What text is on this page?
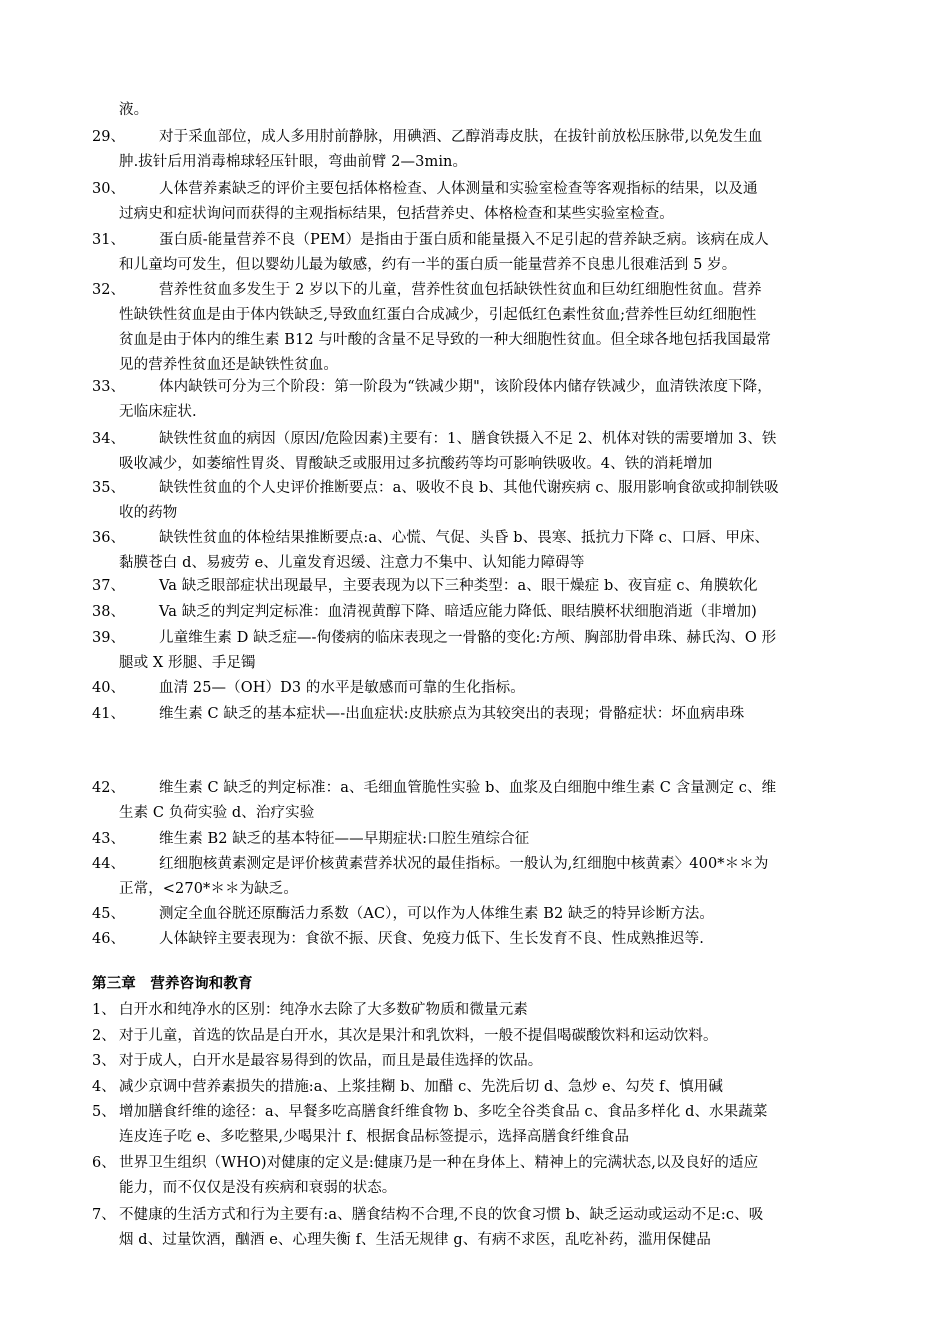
液。
29、 对于采血部位，成人多用肘前静脉，用碘酒、乙醇消毒皮肤，在拔针前放松压脉带,以免发生血
肿.拔针后用消毒棉球轻压针眼，弯曲前臂 2—3min。
30、 人体营养素缺乏的评价主要包括体格检查、人体测量和实验室检查等客观指标的结果，以及通
过病史和症状询问而获得的主观指标结果，包括营养史、体格检查和某些实验室检查。
31、 蛋白质-能量营养不良（PEM）是指由于蛋白质和能量摄入不足引起的营养缺乏病。该病在成人
和儿童均可发生，但以婴幼儿最为敏感，约有一半的蛋白质一能量营养不良患儿很难活到 5 岁。
32、 营养性贫血多发生于 2 岁以下的儿童，营养性贫血包括缺铁性贫血和巨幼红细胞性贫血。营养
性缺铁性贫血是由于体内铁缺乏,导致血红蛋白合成减少，引起低红色素性贫血;营养性巨幼红细胞性
贫血是由于体内的维生素 B12 与叶酸的含量不足导致的一种大细胞性贫血。但全球各地包括我国最常
见的营养性贫血还是缺铁性贫血。
33、 体内缺铁可分为三个阶段：第一阶段为“铁减少期"，该阶段体内储存铁减少，血清铁浓度下降，
无临床症状.
34、 缺铁性贫血的病因（原因/危险因素)主要有：1、膳食铁摄入不足 2、机体对铁的需要增加 3、铁
吸收减少，如萎缩性胃炎、胃酸缺乏或服用过多抗酸药等均可影响铁吸收。4、铁的消耗增加
35、 缺铁性贫血的个人史评价推断要点：a、吸收不良 b、其他代谢疾病 c、服用影响食欲或抑制铁吸
收的药物
36、 缺铁性贫血的体检结果推断要点:a、心慌、气促、头昏 b、畏寒、抵抗力下降 c、口唇、甲床、
黏膜苍白 d、易疲劳 e、儿童发育迟缓、注意力不集中、认知能力障碍等
37、 Va 缺乏眼部症状出现最早，主要表现为以下三种类型：a、眼干燥症 b、夜盲症 c、角膜软化
38、 Va 缺乏的判定判定标准：血清视黄醇下降、暗适应能力降低、眼结膜杯状细胞消逝（非增加)
39、 儿童维生素 D 缺乏症—-佝偻病的临床表现之一骨骼的变化:方颅、胸部肋骨串珠、赫氏沟、O 形
腿或 X 形腿、手足镯
40、 血清 25—（OH）D3 的水平是敏感而可靠的生化指标。
41、 维生素 C 缺乏的基本症状—-出血症状:皮肤瘀点为其较突出的表现；骨骼症状：坏血病串珠
42、 维生素 C 缺乏的判定标准：a、毛细血管脆性实验 b、血浆及白细胞中维生素 C 含量测定 c、维
生素 C 负荷实验 d、治疗实验
43、 维生素 B2 缺乏的基本特征——早期症状:口腔生殖综合征
44、 红细胞核黄素测定是评价核黄素营养状况的最佳指标。一般认为,红细胞中核黄素〉400*＊＊为
正常，<270*＊＊为缺乏。
45、 测定全血谷胱还原酶活力系数（AC），可以作为人体维生素 B2 缺乏的特异诊断方法。
46、 人体缺锌主要表现为：食欲不振、厌食、免疫力低下、生长发育不良、性成熟推迟等.
第三章　营养咨询和教育
1、 白开水和纯净水的区别：纯净水去除了大多数矿物质和微量元素
2、 对于儿童，首选的饮品是白开水，其次是果汁和乳饮料，一般不提倡喝碳酸饮料和运动饮料。
3、 对于成人，白开水是最容易得到的饮品，而且是最佳选择的饮品。
4、 减少京调中营养素损失的措施:a、上浆挂糊 b、加醋 c、先洗后切 d、急炒 e、勾芡 f、慎用碱
5、 增加膳食纤维的途径：a、早餐多吃高膳食纤维食物 b、多吃全谷类食品 c、食品多样化 d、水果蔬菜
连皮连子吃 e、多吃整果,少喝果汁 f、根据食品标签提示，选择高膳食纤维食品
6、 世界卫生组织（WHO)对健康的定义是:健康乃是一种在身体上、精神上的完满状态,以及良好的适应
能力，而不仅仅是没有疾病和衰弱的状态。
7、 不健康的生活方式和行为主要有:a、膳食结构不合理,不良的饮食习惯 b、缺乏运动或运动不足:c、吸
烟 d、过量饮酒，酗酒 e、心理失衡 f、生活无规律 g、有病不求医，乱吃补药，滥用保健品
